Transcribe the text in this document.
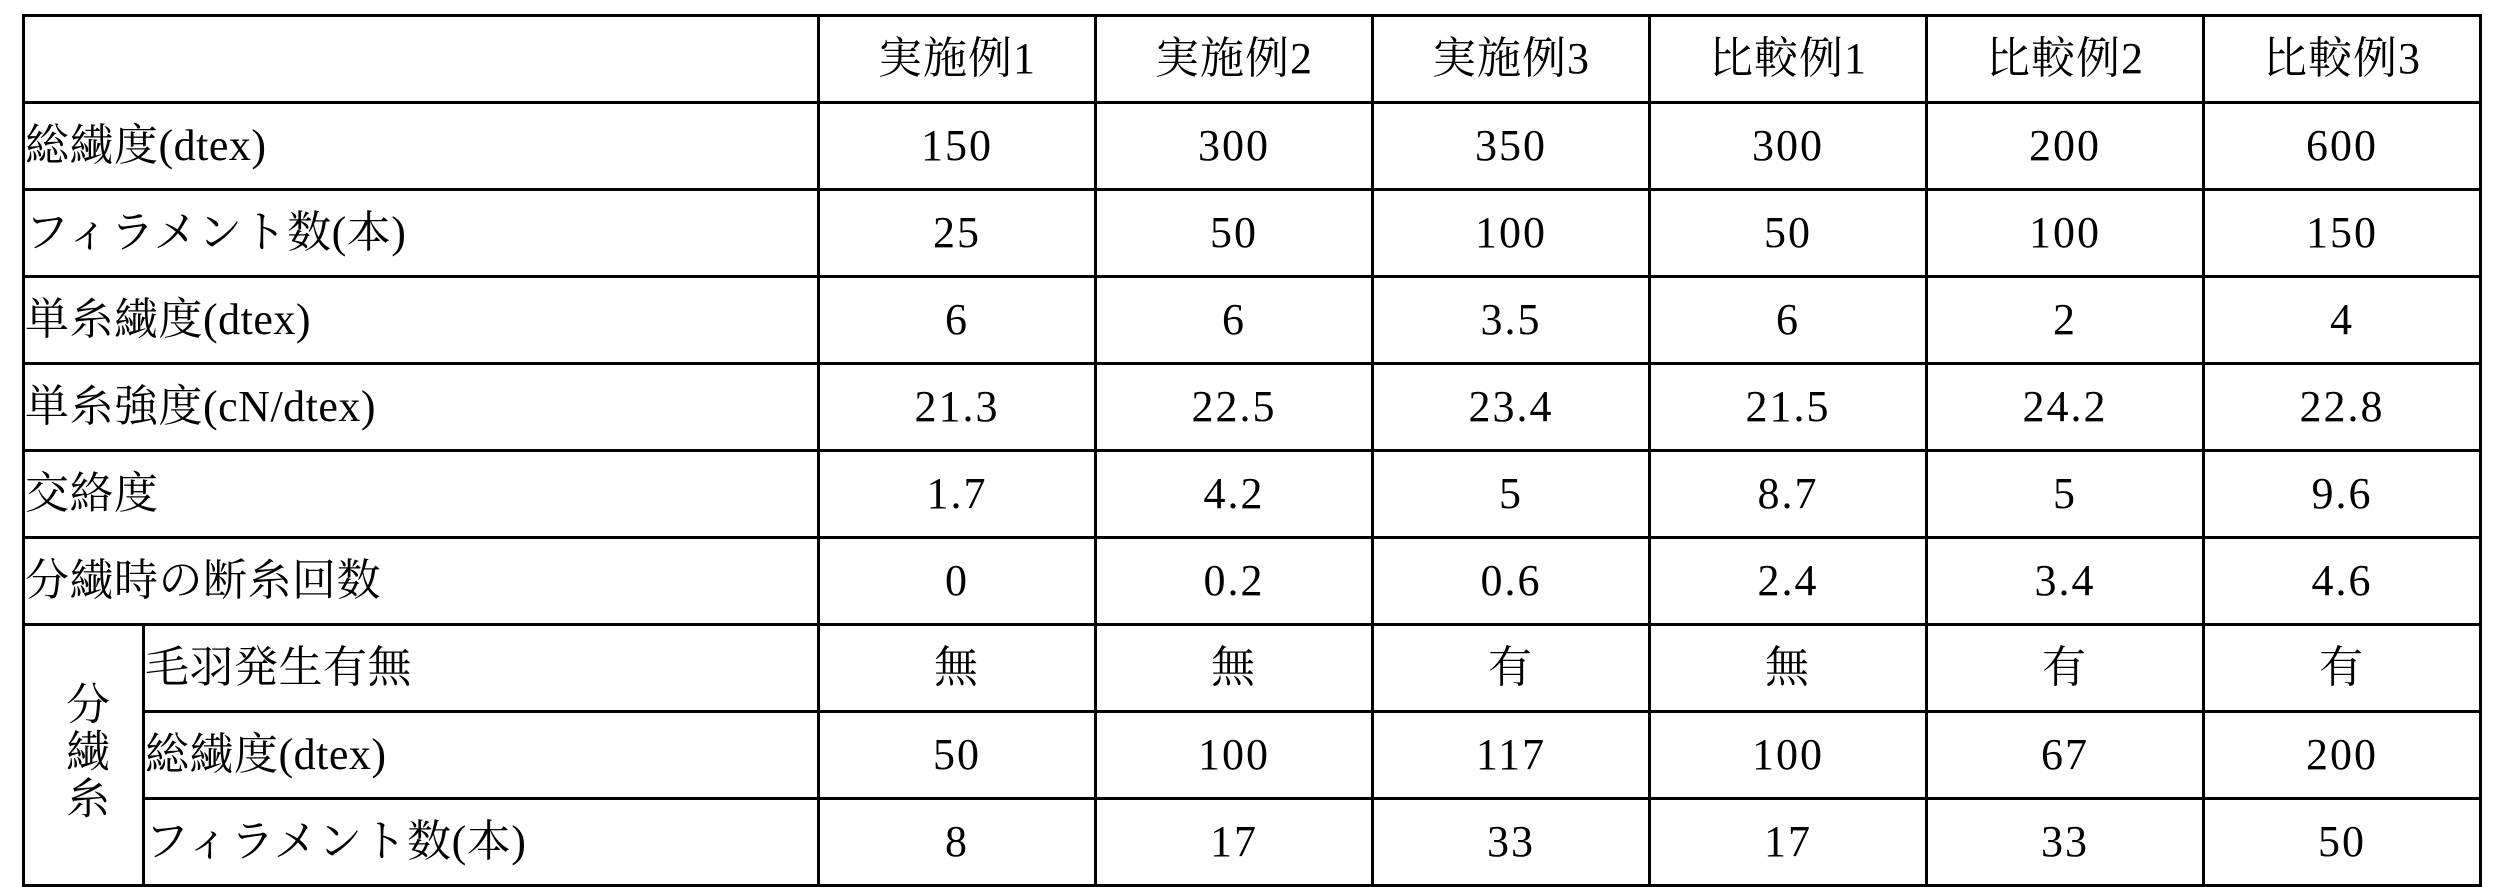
		実施例1	実施例2	実施例3	比較例1	比較例2	比較例3
総繊度(dtex)		150	300	350	300	200	600
フィラメント数(本)		25	50	100	50	100	150
単糸繊度(dtex)		6	6	3.5	6	2	4
単糸強度(cN/dtex)		21.3	22.5	23.4	21.5	24.2	22.8
交絡度		1.7	4.2	5	8.7	5	9.6
分繊時の断糸回数		0	0.2	0.6	2.4	3.4	4.6
分繊糸	毛羽発生有無	無	無	有	無	有	有
	総繊度(dtex)	50	100	117	100	67	200
	フィラメント数(本)	8	17	33	17	33	50
